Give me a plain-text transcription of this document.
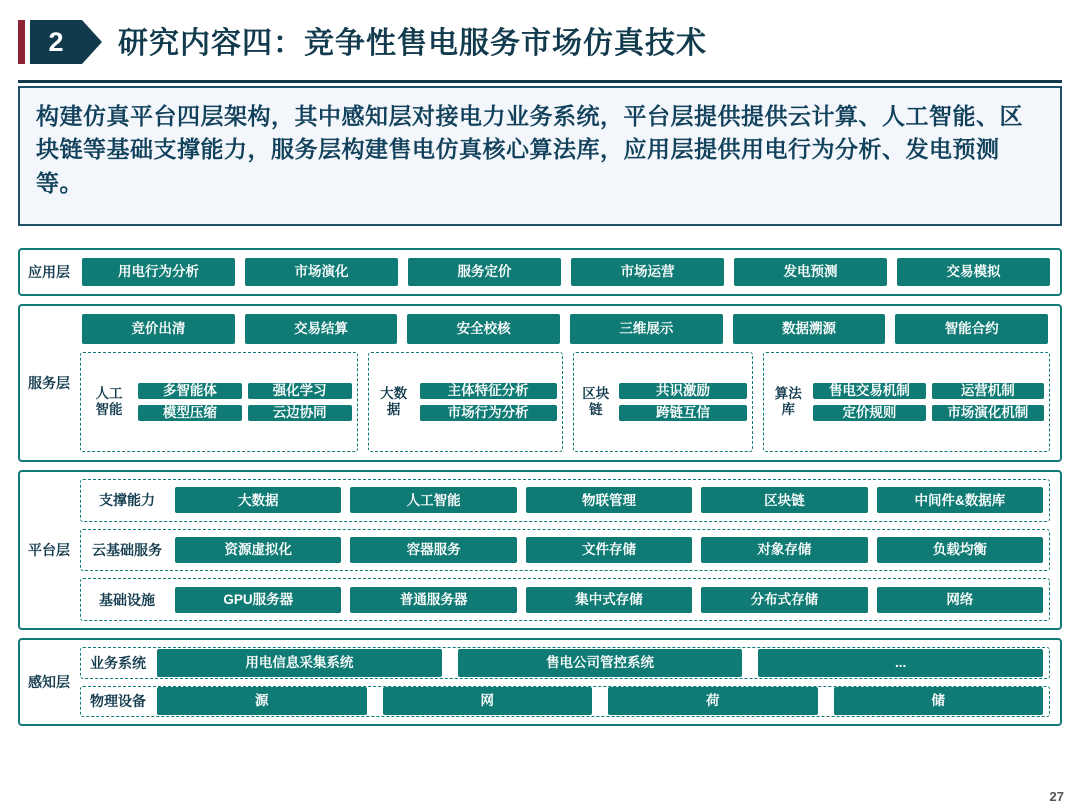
2	研究内容四：竞争性售电服务市场仿真技术

构建仿真平台四层架构，其中感知层对接电力业务系统，平台层提供提供云计算、人工智能、区块链等基础支撑能力，服务层构建售电仿真核心算法库，应用层提供用电行为分析、发电预测等。

应用层	用电行为分析	市场演化	服务定价	市场运营	发电预测	交易模拟
服务层
竞价出清	交易结算	安全校核	三维展示	数据溯源	智能合约
人工智能
多智能体	强化学习
模型压缩	云边协同
大数据
主体特征分析
市场行为分析
区块链
共识激励
跨链互信
算法库
售电交易机制	运营机制
定价规则	市场演化机制
平台层
支撑能力	大数据	人工智能	物联管理	区块链	中间件&数据库
云基础服务	资源虚拟化	容器服务	文件存储	对象存储	负载均衡
基础设施	GPU服务器	普通服务器	集中式存储	分布式存储	网络
感知层
业务系统	用电信息采集系统	售电公司管控系统	...
物理设备	源	网	荷	储
27
